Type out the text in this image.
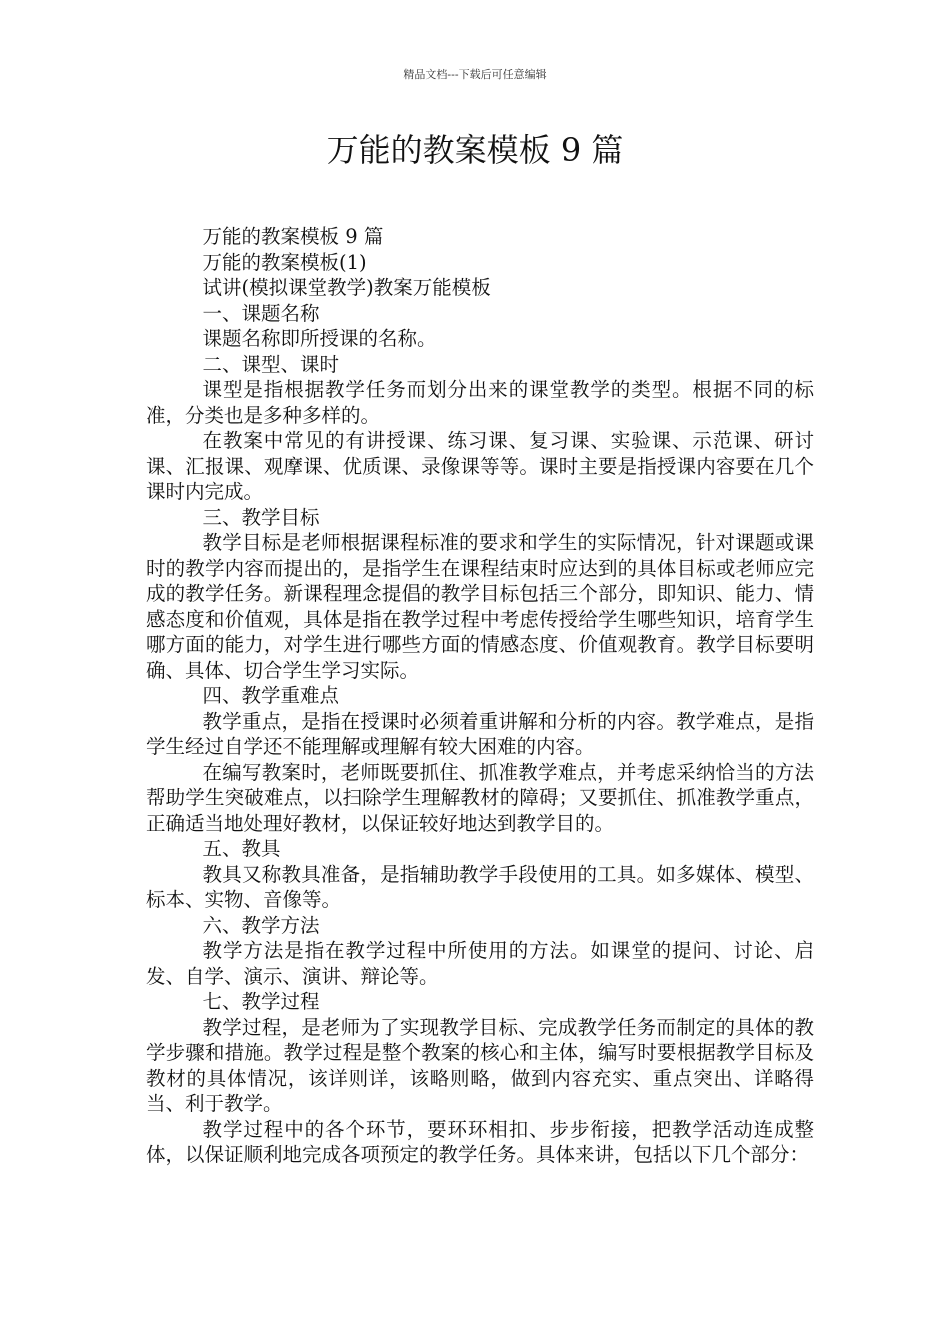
精品文档---下载后可任意编辑
万能的教案模板 9 篇

万能的教案模板 9 篇

万能的教案模板(1)

试讲(模拟课堂教学)教案万能模板

一、课题名称

课题名称即所授课的名称。

二、课型、课时

课型是指根据教学任务而划分出来的课堂教学的类型。根据不同的标准，分类也是多种多样的。

在教案中常见的有讲授课、练习课、复习课、实验课、示范课、研讨课、汇报课、观摩课、优质课、录像课等等。课时主要是指授课内容要在几个课时内完成。

三、教学目标

教学目标是老师根据课程标准的要求和学生的实际情况，针对课题或课时的教学内容而提出的，是指学生在课程结束时应达到的具体目标或老师应完成的教学任务。新课程理念提倡的教学目标包括三个部分，即知识、能力、情感态度和价值观，具体是指在教学过程中考虑传授给学生哪些知识，培育学生哪方面的能力，对学生进行哪些方面的情感态度、价值观教育。教学目标要明确、具体、切合学生学习实际。

四、教学重难点

教学重点，是指在授课时必须着重讲解和分析的内容。教学难点，是指学生经过自学还不能理解或理解有较大困难的内容。

在编写教案时，老师既要抓住、抓准教学难点，并考虑采纳恰当的方法帮助学生突破难点，以扫除学生理解教材的障碍；又要抓住、抓准教学重点，正确适当地处理好教材，以保证较好地达到教学目的。

五、教具

教具又称教具准备，是指辅助教学手段使用的工具。如多媒体、模型、标本、实物、音像等。

六、教学方法

教学方法是指在教学过程中所使用的方法。如课堂的提问、讨论、启发、自学、演示、演讲、辩论等。

七、教学过程

教学过程，是老师为了实现教学目标、完成教学任务而制定的具体的教学步骤和措施。教学过程是整个教案的核心和主体，编写时要根据教学目标及教材的具体情况，该详则详，该略则略，做到内容充实、重点突出、详略得当、利于教学。

教学过程中的各个环节，要环环相扣、步步衔接，把教学活动连成整体，以保证顺利地完成各项预定的教学任务。具体来讲，包括以下几个部分：
